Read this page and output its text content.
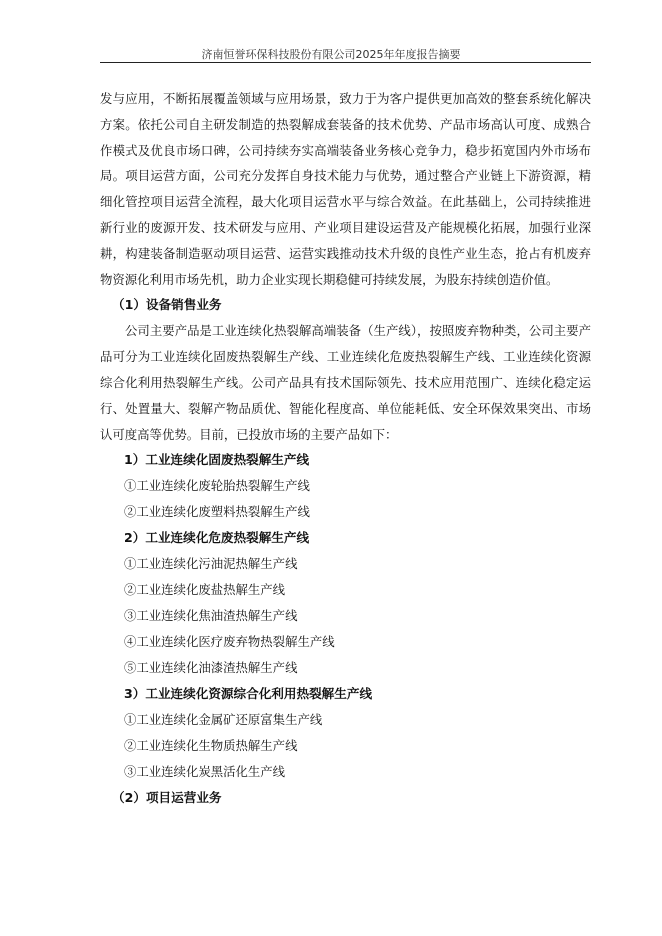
济南恒誉环保科技股份有限公司2025年年度报告摘要

发与应用，不断拓展覆盖领域与应用场景，致力于为客户提供更加高效的整套系统化解决方案。依托公司自主研发制造的热裂解成套装备的技术优势、产品市场高认可度、成熟合作模式及优良市场口碑，公司持续夯实高端装备业务核心竞争力，稳步拓宽国内外市场布局。项目运营方面，公司充分发挥自身技术能力与优势，通过整合产业链上下游资源，精细化管控项目运营全流程，最大化项目运营水平与综合效益。在此基础上，公司持续推进新行业的废源开发、技术研发与应用、产业项目建设运营及产能规模化拓展，加强行业深耕，构建装备制造驱动项目运营、运营实践推动技术升级的良性产业生态，抢占有机废弃物资源化利用市场先机，助力企业实现长期稳健可持续发展，为股东持续创造价值。

（1）设备销售业务

公司主要产品是工业连续化热裂解高端装备（生产线），按照废弃物种类，公司主要产品可分为工业连续化固废热裂解生产线、工业连续化危废热裂解生产线、工业连续化资源综合化利用热裂解生产线。公司产品具有技术国际领先、技术应用范围广、连续化稳定运行、处置量大、裂解产物品质优、智能化程度高、单位能耗低、安全环保效果突出、市场认可度高等优势。目前，已投放市场的主要产品如下：

1）工业连续化固废热裂解生产线

①工业连续化废轮胎热裂解生产线

②工业连续化废塑料热裂解生产线

2）工业连续化危废热裂解生产线

①工业连续化污油泥热解生产线

②工业连续化废盐热解生产线

③工业连续化焦油渣热解生产线

④工业连续化医疗废弃物热裂解生产线

⑤工业连续化油漆渣热解生产线

3）工业连续化资源综合化利用热裂解生产线

①工业连续化金属矿还原富集生产线

②工业连续化生物质热解生产线

③工业连续化炭黑活化生产线

（2）项目运营业务
